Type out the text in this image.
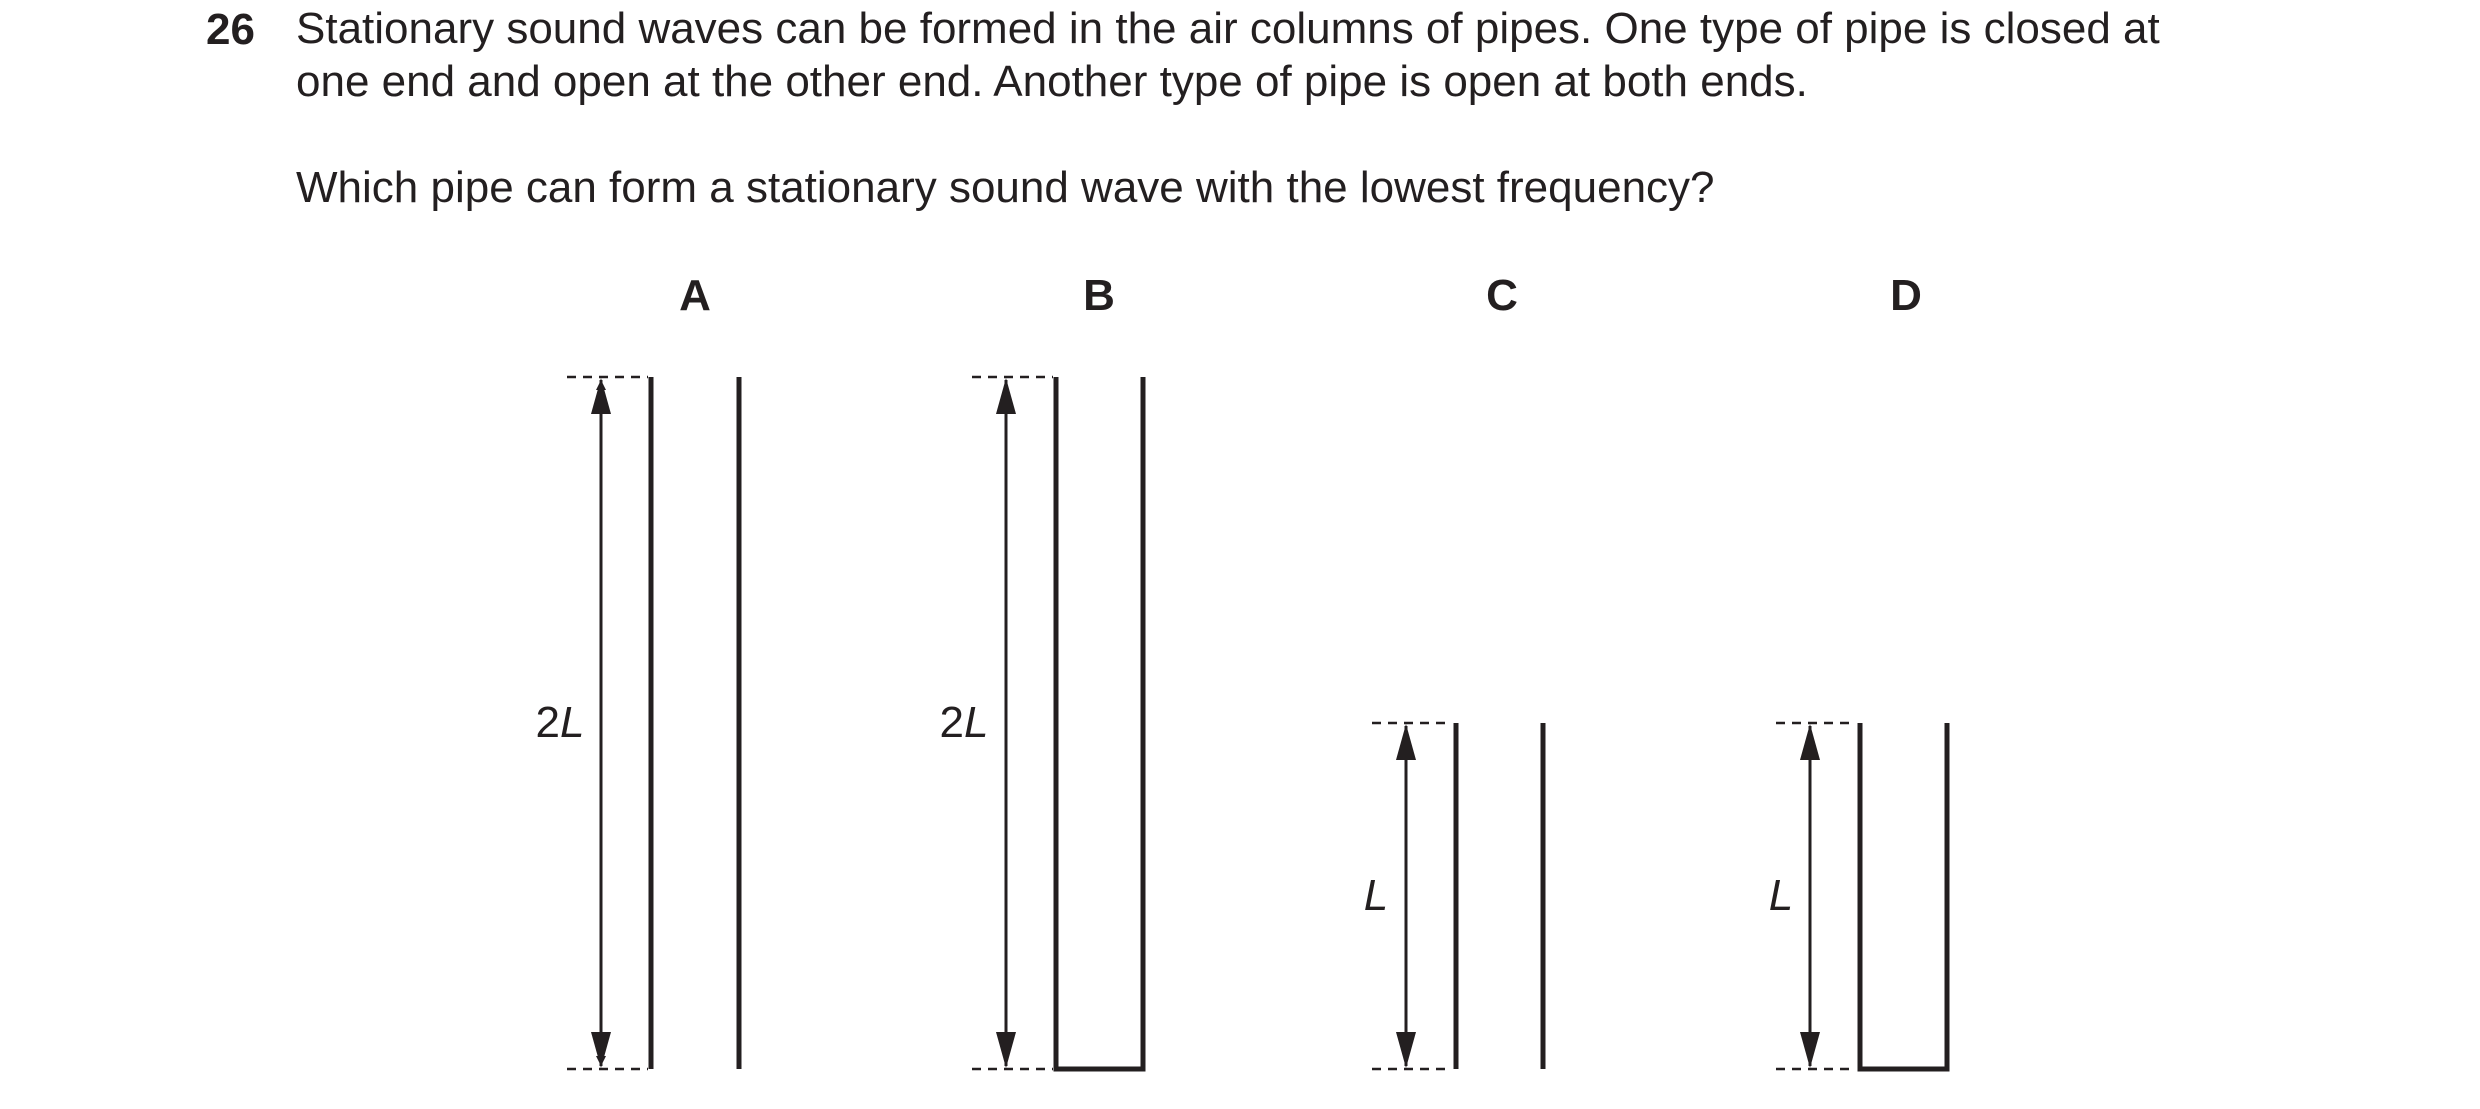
26 Stationary sound waves can be formed in the air columns of pipes. One type of pipe is closed at
one end and open at the other end. Another type of pipe is open at both ends.
Which pipe can form a stationary sound wave with the lowest frequency?
A	B	C	D
2L	2L
L	L
